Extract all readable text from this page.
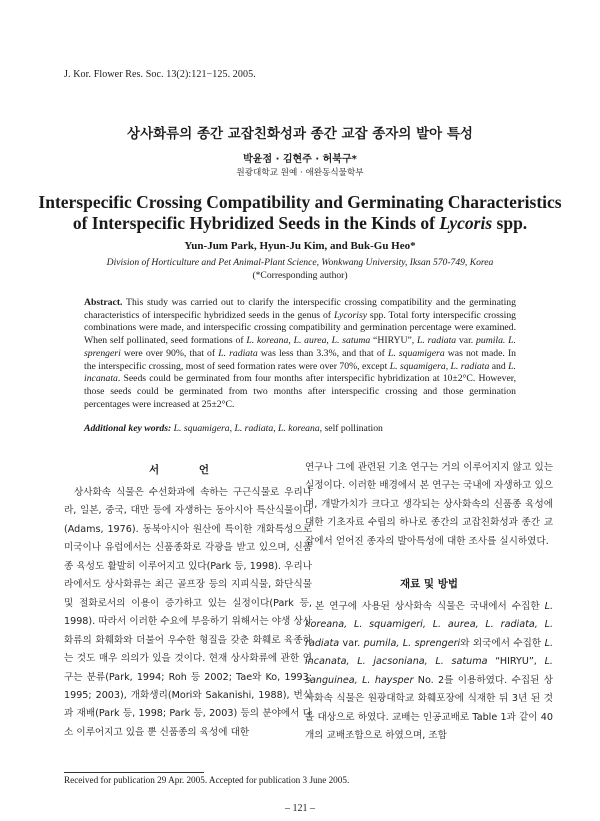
J. Kor. Flower Res. Soc. 13(2):121−125. 2005.
상사화류의 종간 교잡친화성과 종간 교잡 종자의 발아 특성
박윤점 · 김현주 · 허북구*
원광대학교 원예 · 애완동식물학부
Interspecific Crossing Compatibility and Germinating Characteristics
of Interspecific Hybridized Seeds in the Kinds of Lycoris spp.
Yun-Jum Park, Hyun-Ju Kim, and Buk-Gu Heo*
Division of Horticulture and Pet Animal-Plant Science, Wonkwang University, Iksan 570-749, Korea
(*Corresponding author)
Abstract. This study was carried out to clarify the interspecific crossing compatibility and the germinating characteristics of interspecific hybridized seeds in the genus of Lycorisy spp. Total forty interspecific crossing combinations were made, and interspecific crossing compatibility and germination percentage were examined. When self pollinated, seed formations of L. koreana, L. aurea, L. satuma “HIRYU”, L. radiata var. pumila. L. sprengeri were over 90%, that of L. radiata was less than 3.3%, and that of L. squamigera was not made. In the interspecific crossing, most of seed formation rates were over 70%, except L. squamigera, L. radiata and L. incanata. Seeds could be germinated from four months after interspecific hybridization at 10±2°C. However, those seeds could be germinated from two months after interspecific crossing and those germination percentages were increased at 25±2°C.
Additional key words: L. squamigera, L. radiata, L. koreana, self pollination
서 언

상사화속 식물은 수선화과에 속하는 구근식물로 우리나라, 일본, 중국, 대만 등에 자생하는 동아시아 특산식물이다(Adams, 1976). 동북아시아 원산에 특이한 개화특성으로 미국이나 유럽에서는 신품종화로 각광을 받고 있으며, 신품종 육성도 활발히 이루어지고 있다(Park 등, 1998). 우리나라에서도 상사화류는 최근 골프장 등의 지피식물, 화단식물 및 절화로서의 이용이 증가하고 있는 실정이다(Park 등, 1998). 따라서 이러한 수요에 부응하기 위해서는 야생 상사화류의 화훼화와 더불어 우수한 형질을 갖춘 화훼로 육종하는 것도 매우 의의가 있을 것이다. 현재 상사화류에 관한 연구는 분류(Park, 1994; Roh 등 2002; Tae와 Ko, 1993; 1995; 2003), 개화생리(Mori와 Sakanishi, 1988), 번식과 재배(Park 등, 1998; Park 등, 2003) 등의 분야에서 다소 이루어지고 있을 뿐 신품종의 육성에 대한

연구나 그에 관련된 기초 연구는 거의 이루어지지 않고 있는 실정이다. 이러한 배경에서 본 연구는 국내에 자생하고 있으며, 개발가치가 크다고 생각되는 상사화속의 신품종 육성에 대한 기초자료 수립의 하나로 종간의 교잡친화성과 종간 교잡에서 얻어진 종자의 발아특성에 대한 조사를 실시하였다.

재료 및 방법

본 연구에 사용된 상사화속 식물은 국내에서 수집한 L. koreana, L. squamigeri, L. aurea, L. radiata, L. radiata var. pumila, L. sprengeri와 외국에서 수집한 L. incanata, L. jacsoniana, L. satuma “HIRYU”, L. sanguinea, L. haysper No. 2를 이용하였다. 수집된 상사화속 식물은 원광대학교 화훼포장에 식재한 뒤 3년 된 것을 대상으로 하였다. 교배는 인공교배로 Table 1과 같이 40개의 교배조합으로 하였으며, 조합

Received for publication 29 Apr. 2005. Accepted for publication 3 June 2005.
– 121 –
